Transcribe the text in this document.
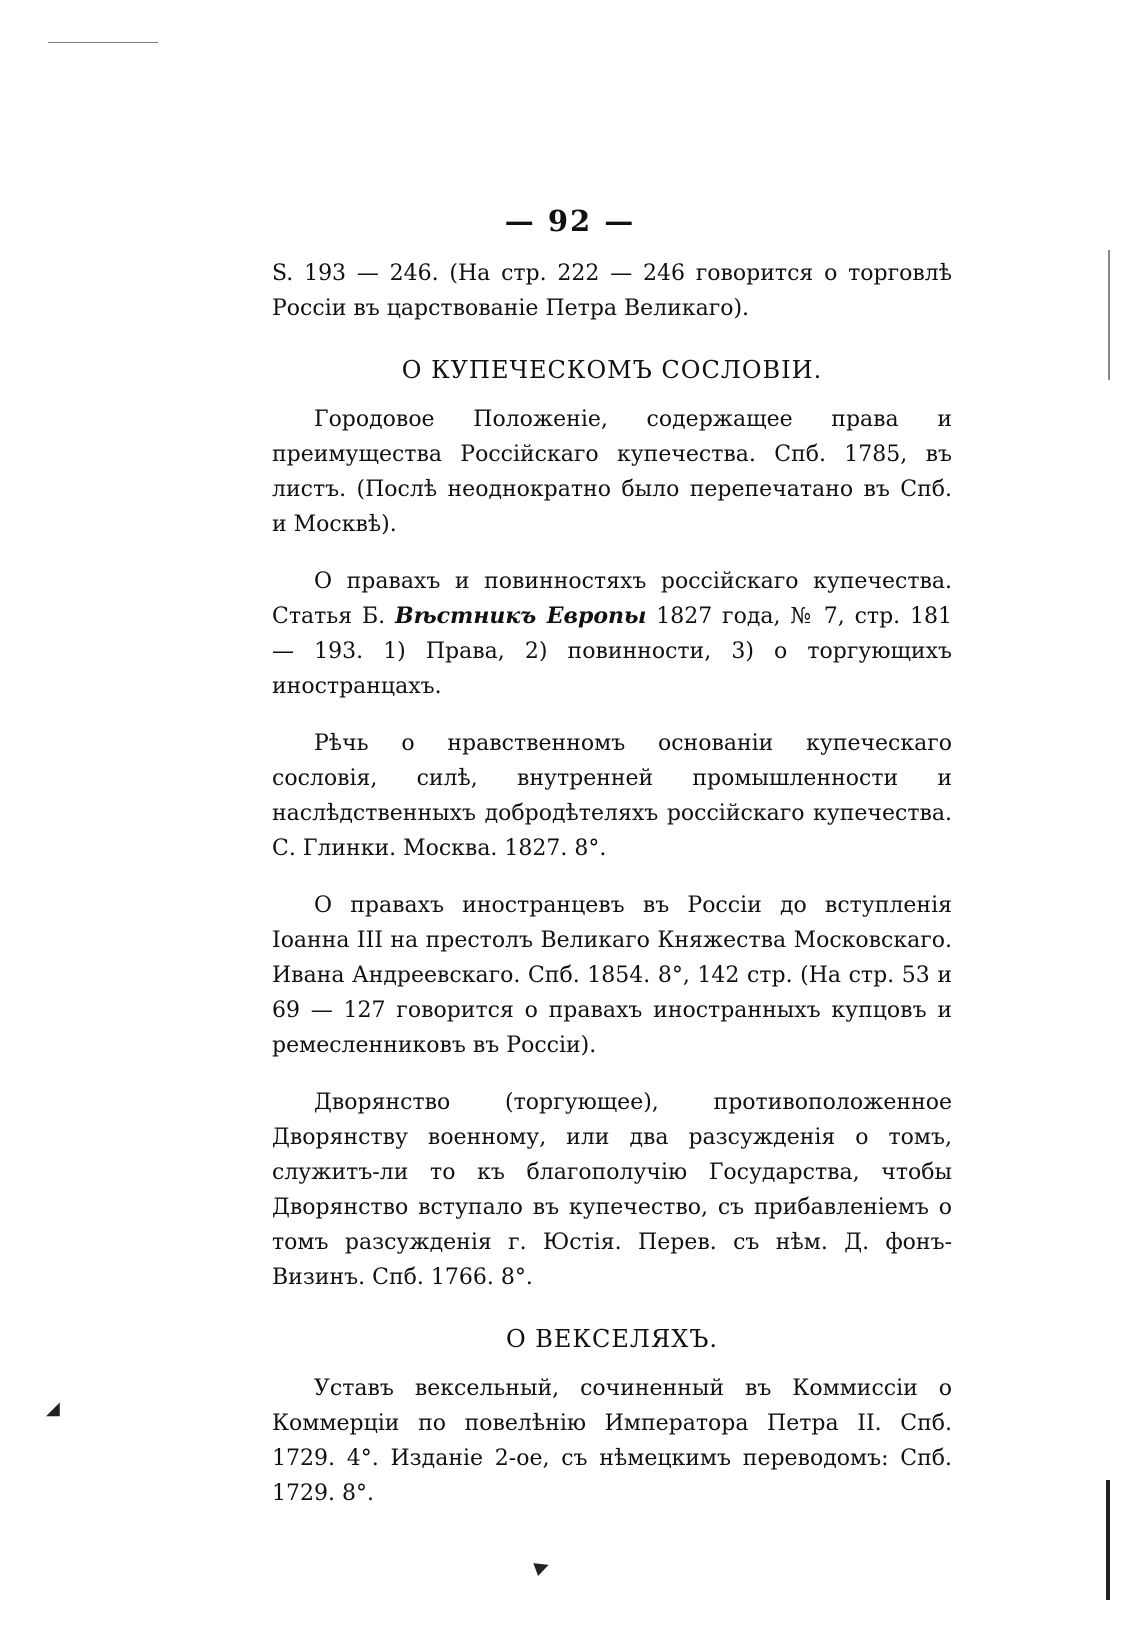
◢
▶
— 92 —

S. 193 — 246. (На стр. 222 — 246 говорится о торговлѣ Россiи въ царствованiе Петра Великаго).

О КУПЕЧЕСКОМЪ СОСЛОВIИ.

Городовое Положенiе, содержащее права и преимущества Россiйскаго купечества. Спб. 1785, въ листъ. (Послѣ неоднократно было перепечатано въ Спб. и Москвѣ).

О правахъ и повинностяхъ россiйскаго купечества. Статья Б. Вѣстникъ Европы 1827 года, № 7, стр. 181 — 193. 1) Права, 2) повинности, 3) о торгующихъ иностранцахъ.

Рѣчь о нравственномъ основанiи купеческаго сословiя, силѣ, внутренней промышленности и наслѣдственныхъ добродѣтеляхъ россiйскаго купечества. С. Глинки. Москва. 1827. 8°.

О правахъ иностранцевъ въ Россiи до вступленiя Iоанна III на престолъ Великаго Княжества Московскаго. Ивана Андреевскаго. Спб. 1854. 8°, 142 стр. (На стр. 53 и 69 — 127 говорится о правахъ иностранныхъ купцовъ и ремесленниковъ въ Россiи).

Дворянство (торгующее), противоположенное Дворянству военному, или два разсужденiя о томъ, служитъ-ли то къ благополучiю Государства, чтобы Дворянство вступало въ купечество, съ прибавленiемъ о томъ разсужденiя г. Юстiя. Перев. съ нѣм. Д. фонъ-Визинъ. Спб. 1766. 8°.

О ВЕКСЕЛЯХЪ.

Уставъ вексельный, сочиненный въ Коммиссiи о Коммерцiи по повелѣнiю Императора Петра II. Спб. 1729. 4°. Изданiе 2-ое, съ нѣмецкимъ переводомъ: Спб. 1729. 8°.
